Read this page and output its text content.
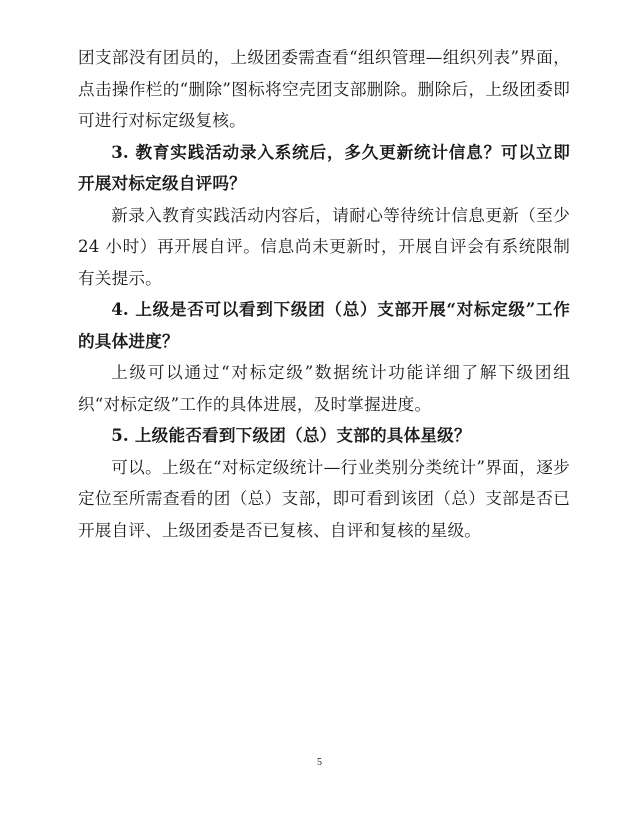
团支部没有团员的，上级团委需查看“组织管理—组织列表”界面，点击操作栏的“删除”图标将空壳团支部删除。删除后，上级团委即可进行对标定级复核。

3. 教育实践活动录入系统后，多久更新统计信息？可以立即开展对标定级自评吗？

新录入教育实践活动内容后，请耐心等待统计信息更新（至少 24 小时）再开展自评。信息尚未更新时，开展自评会有系统限制有关提示。

4. 上级是否可以看到下级团（总）支部开展“对标定级”工作的具体进度？

上级可以通过“对标定级”数据统计功能详细了解下级团组织“对标定级”工作的具体进展，及时掌握进度。

5. 上级能否看到下级团（总）支部的具体星级？

可以。上级在“对标定级统计—行业类别分类统计”界面，逐步定位至所需查看的团（总）支部，即可看到该团（总）支部是否已开展自评、上级团委是否已复核、自评和复核的星级。

5
